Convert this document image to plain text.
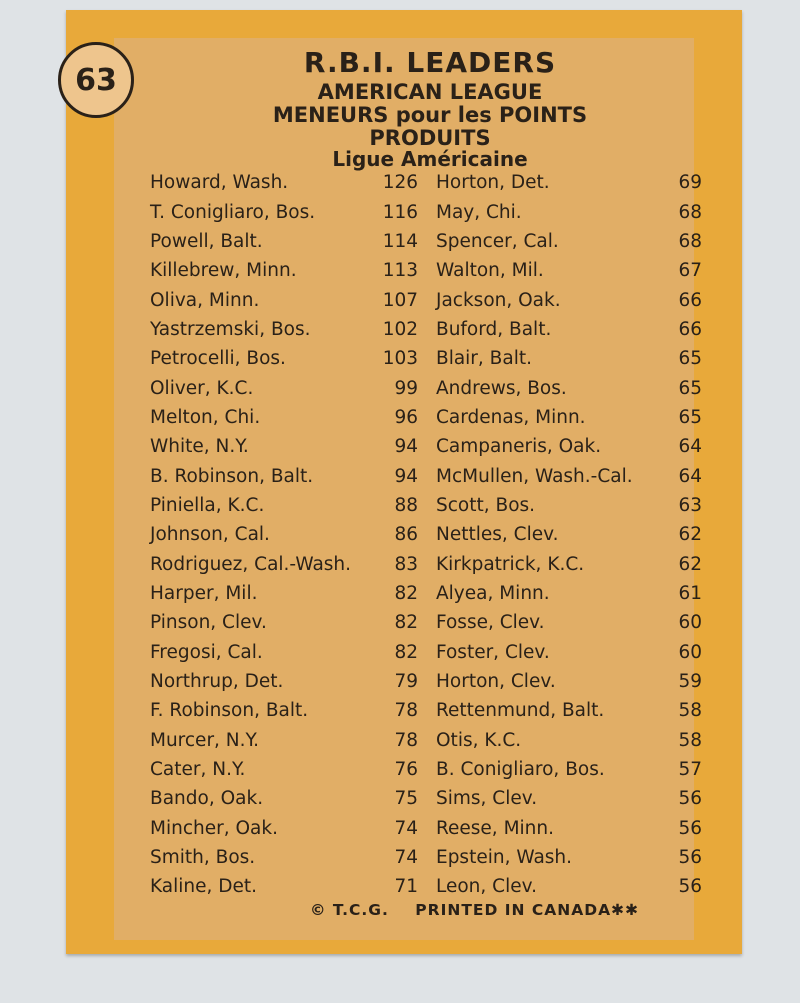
63	R.B.I. LEADERS
AMERICAN LEAGUE
MENEURS pour les POINTS
PRODUITS
Ligue Américaine
Howard, Wash.	126
T. Conigliaro, Bos.	116
Powell, Balt.	114
Killebrew, Minn.	113
Oliva, Minn.	107
Yastrzemski, Bos.	102
Petrocelli, Bos.	103
Oliver, K.C.	99
Melton, Chi.	96
White, N.Y.	94
B. Robinson, Balt.	94
Piniella, K.C.	88
Johnson, Cal.	86
Rodriguez, Cal.-Wash. 83
Harper, Mil.	82
Pinson, Clev.	82
Fregosi, Cal.	82
Northrup, Det.	79
F. Robinson, Balt.	78
Murcer, N.Y.	78
Cater, N.Y.	76
Bando, Oak.	75
Mincher, Oak.	74
Smith, Bos.	74
Kaline, Det.	71
Horton, Det.	69
May, Chi.	68
Spencer, Cal.	68
Walton, Mil.	67
Jackson, Oak.	66
Buford, Balt.	66
Blair, Balt.	65
Andrews, Bos.	65
Cardenas, Minn.	65
Campaneris, Oak.	64
McMullen, Wash.-Cal. 64
Scott, Bos.	63
Nettles, Clev.	62
Kirkpatrick, K.C.	62
Alyea, Minn.	61
Fosse, Clev.	60
Foster, Clev.	60
Horton, Clev.	59
Rettenmund, Balt.	58
Otis, K.C.	58
B. Conigliaro, Bos.	57
Sims, Clev.	56
Reese, Minn.	56
Epstein, Wash.	56
Leon, Clev.	56
© T.C.G. PRINTED IN CANADA✱✱
